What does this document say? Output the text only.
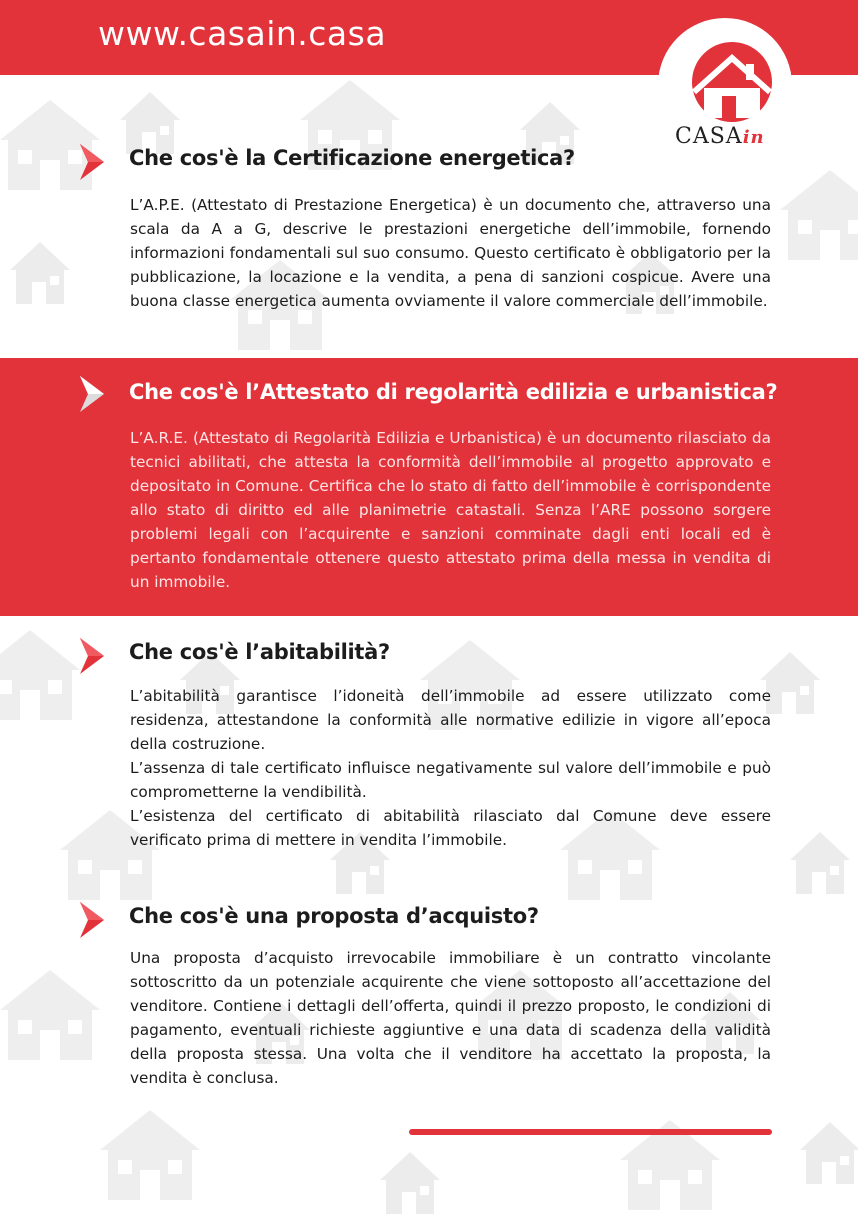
www.casain.casa
CASAin
Che cos'è la Certificazione energetica?

L’A.P.E. (Attestato di Prestazione Energetica) è un documento che, attraverso una scala da A a G, descrive le prestazioni energetiche dell’immobile, fornendo informazioni fondamentali sul suo consumo. Questo certificato è obbligatorio per la pubblicazione, la locazione e la vendita, a pena di sanzioni cospicue. Avere una buona classe energetica aumenta ovviamente il valore commerciale dell’immobile.

Che cos'è l’Attestato di regolarità edilizia e urbanistica?

L’A.R.E. (Attestato di Regolarità Edilizia e Urbanistica) è un documento rilasciato da tecnici abilitati, che attesta la conformità dell’immobile al progetto approvato e depositato in Comune. Certifica che lo stato di fatto dell’immobile è corrispondente allo stato di diritto ed alle planimetrie catastali. Senza l’ARE possono sorgere problemi legali con l’acquirente e sanzioni comminate dagli enti locali ed è pertanto fondamentale ottenere questo attestato prima della messa in vendita di un immobile.

Che cos'è l’abitabilità?

L’abitabilità garantisce l’idoneità dell’immobile ad essere utilizzato come residenza, attestandone la conformità alle normative edilizie in vigore all’epoca della costruzione.

L’assenza di tale certificato influisce negativamente sul valore dell’immobile e può comprometterne la vendibilità.

L’esistenza del certificato di abitabilità rilasciato dal Comune deve essere verificato prima di mettere in vendita l’immobile.

Che cos'è una proposta d’acquisto?

Una proposta d’acquisto irrevocabile immobiliare è un contratto vincolante sottoscritto da un potenziale acquirente che viene sottoposto all’accettazione del venditore. Contiene i dettagli dell’offerta, quindi il prezzo proposto, le condizioni di pagamento, eventuali richieste aggiuntive e una data di scadenza della validità della proposta stessa. Una volta che il venditore ha accettato la proposta, la vendita è conclusa.
